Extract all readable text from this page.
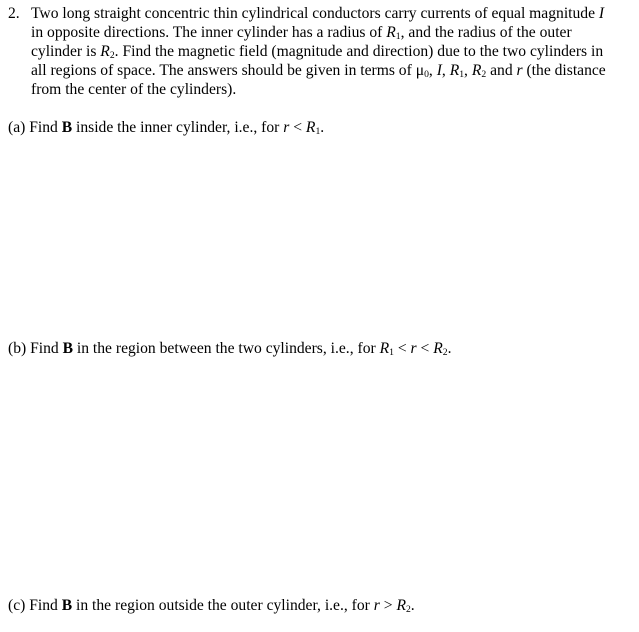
2. Two long straight concentric thin cylindrical conductors carry currents of equal magnitude I
in opposite directions. The inner cylinder has a radius of $R_1$, and the radius of the outer
cylinder is $R_2$. Find the magnetic field (magnitude and direction) due to the two cylinders in
all regions of space. The answers should be given in terms of $\mu_0$, I, $R_1$, $R_2$ and r (the distance
from the center of the cylinders).
(a) Find B inside the inner cylinder, i.e., for $r < R_1$.
(b) Find B in the region between the two cylinders, i.e., for $R_1 < r < R_2$.
(c) Find B in the region outside the outer cylinder, i.e., for $r > R_2$.
